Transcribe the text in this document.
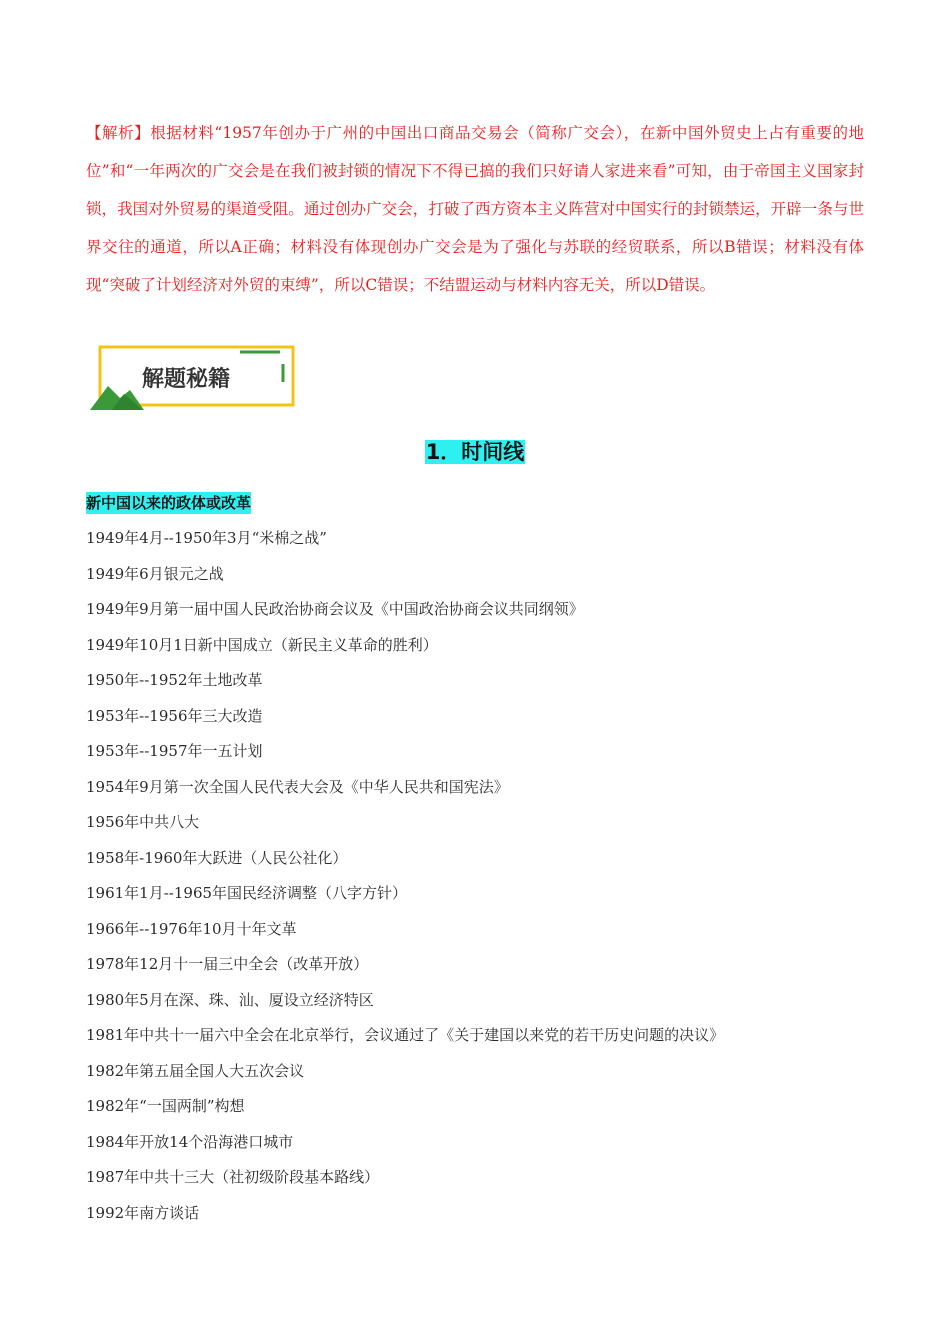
【解析】根据材料“1957年创办于广州的中国出口商品交易会（简称广交会），在新中国外贸史上占有重要的地位”和“一年两次的广交会是在我们被封锁的情况下不得已搞的我们只好请人家进来看”可知，由于帝国主义国家封锁，我国对外贸易的渠道受阻。通过创办广交会，打破了西方资本主义阵营对中国实行的封锁禁运，开辟一条与世界交往的通道，所以A正确；材料没有体现创办广交会是为了强化与苏联的经贸联系，所以B错误；材料没有体现“突破了计划经济对外贸的束缚”，所以C错误；不结盟运动与材料内容无关，所以D错误。
解题秘籍
1．时间线
新中国以来的政体或改革
1949年4月--1950年3月“米棉之战”
1949年6月银元之战
1949年9月第一届中国人民政治协商会议及《中国政治协商会议共同纲领》
1949年10月1日新中国成立（新民主义革命的胜利）
1950年--1952年土地改革
1953年--1956年三大改造
1953年--1957年一五计划
1954年9月第一次全国人民代表大会及《中华人民共和国宪法》
1956年中共八大
1958年-1960年大跃进（人民公社化）
1961年1月--1965年国民经济调整（八字方针）
1966年--1976年10月十年文革
1978年12月十一届三中全会（改革开放）
1980年5月在深、珠、汕、厦设立经济特区
1981年中共十一届六中全会在北京举行，会议通过了《关于建国以来党的若干历史问题的决议》
1982年第五届全国人大五次会议
1982年“一国两制”构想
1984年开放14个沿海港口城市
1987年中共十三大（社初级阶段基本路线）
1992年南方谈话
